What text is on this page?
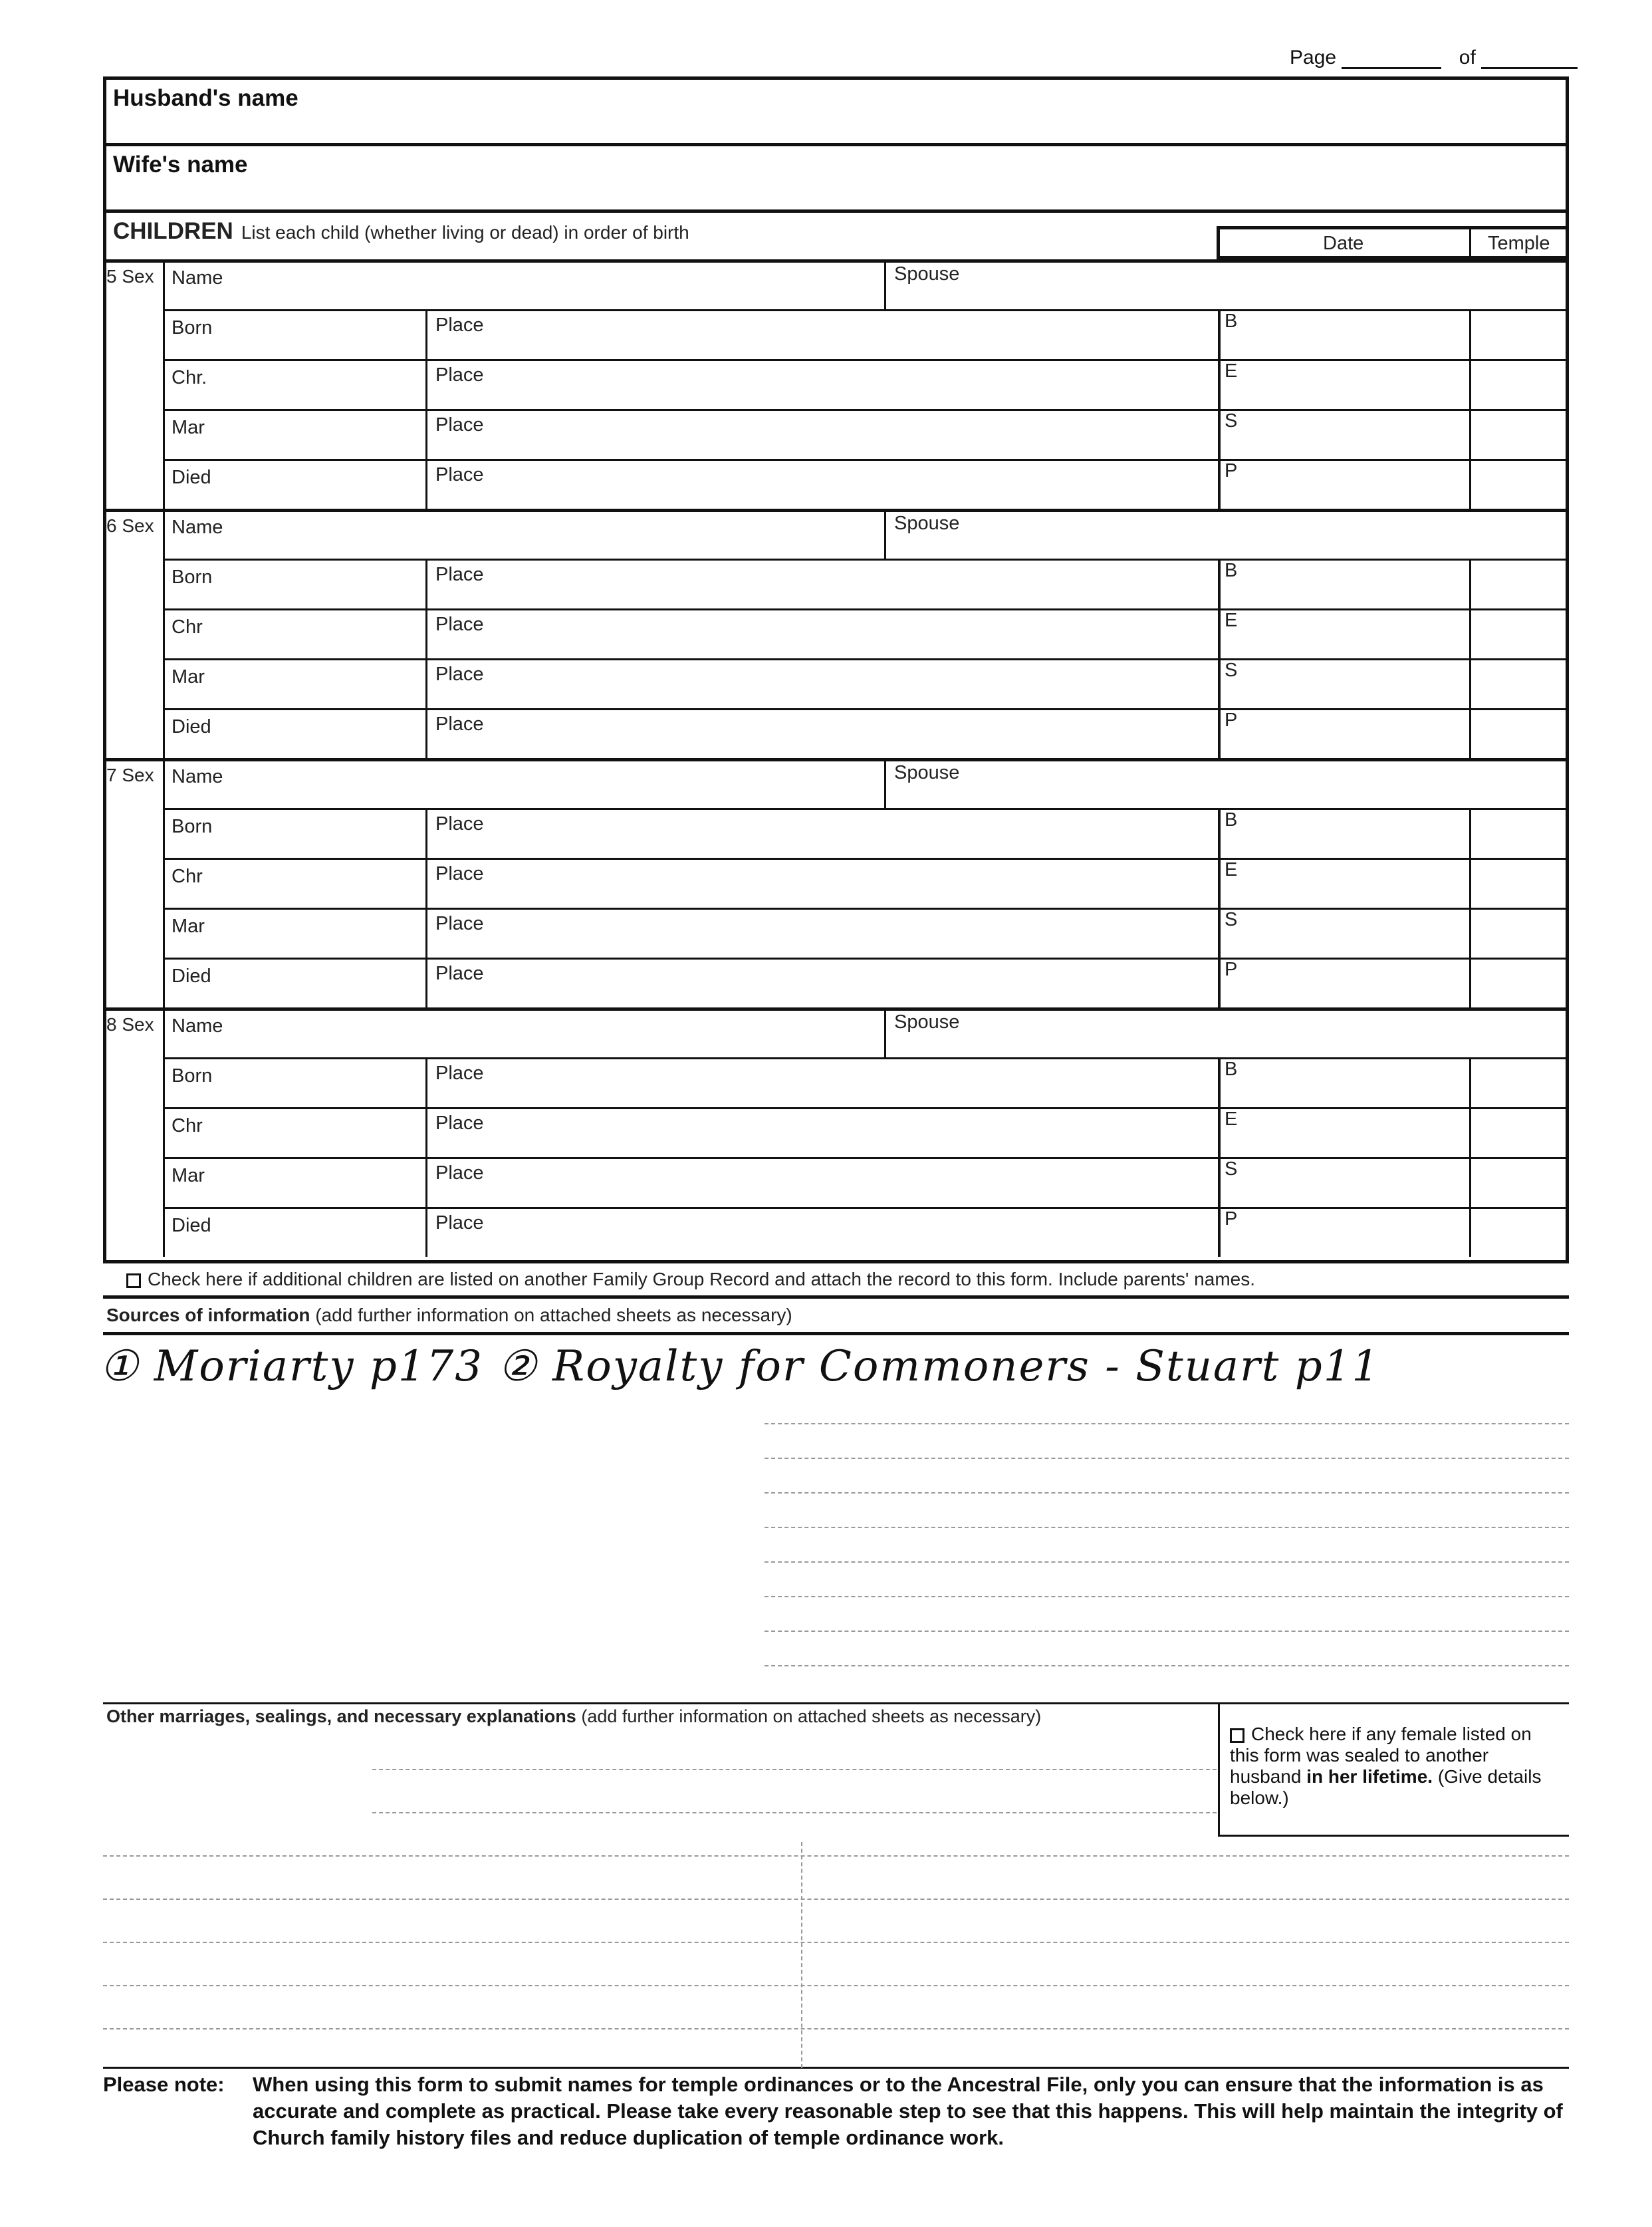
Page	of
Husband's name
Wife's name
CHILDREN List each child (whether living or dead) in order of birth
Date	Temple
5 Sex Name	Spouse
Born	Place	B
Chr.	Place	E
Mar	Place	S
Died	Place	P
6 Sex Name	Spouse
Born	Place	B
Chr	Place	E
Mar	Place	S
Died	Place	P
7 Sex Name	Spouse
Born	Place	B
Chr	Place	E
Mar	Place	S
Died	Place	P
8 Sex Name	Spouse
Born	Place	B
Chr	Place	E
Mar	Place	S
Died	Place	P
Check here if additional children are listed on another Family Group Record and attach the record to this form. Include parents' names.
Sources of information (add further information on attached sheets as necessary)
① Moriarty p173 ② Royalty for Commoners - Stuart p11
Other marriages, sealings, and necessary explanations (add further information on attached sheets as necessary)
Check here if any female listed on this form was sealed to another husband in her lifetime. (Give details below.)
Please note: When using this form to submit names for temple ordinances or to the Ancestral File, only you can ensure that the information is as accurate and complete as practical. Please take every reasonable step to see that this happens. This will help maintain the integrity of Church family history files and reduce duplication of temple ordinance work.
